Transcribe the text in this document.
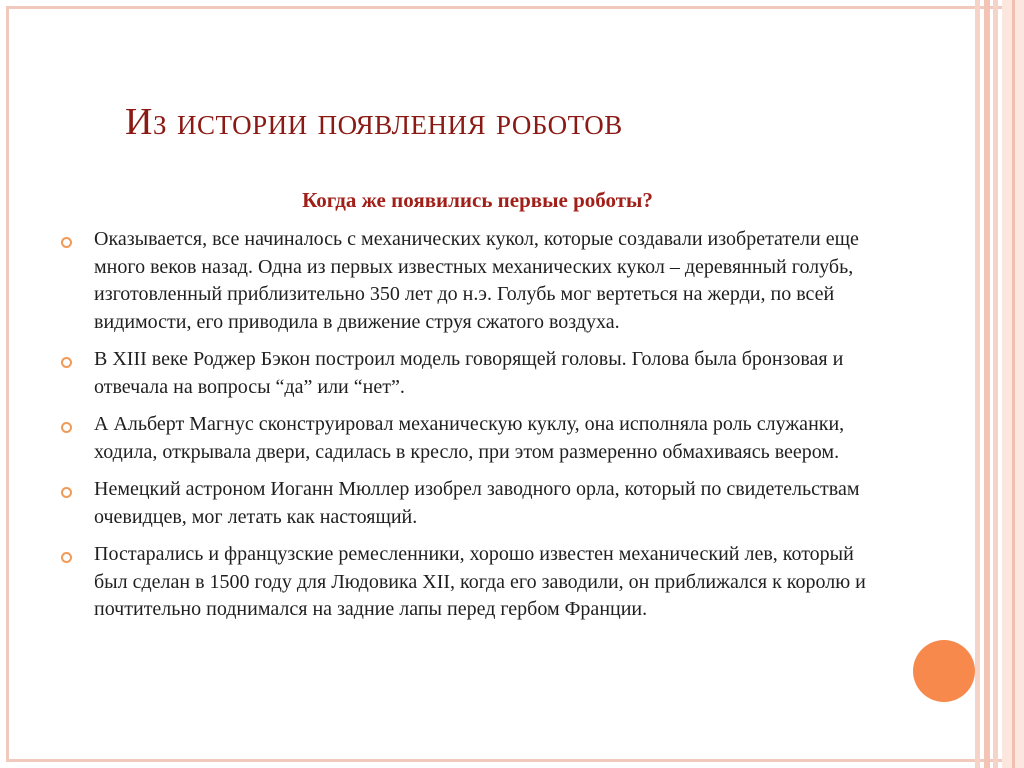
Из истории появления роботов
Когда же появились первые роботы?
Оказывается, все начиналось с механических кукол, которые создавали изобретатели еще много веков назад. Одна из первых известных механических кукол – деревянный голубь, изготовленный приблизительно 350 лет до н.э. Голубь мог вертеться на жерди, по всей видимости, его приводила в движение струя сжатого воздуха.
В XIII веке Роджер Бэкон построил модель говорящей головы. Голова была бронзовая и отвечала на вопросы “да” или “нет”.
А Альберт Магнус сконструировал механическую куклу, она исполняла роль служанки, ходила, открывала двери, садилась в кресло, при этом размеренно обмахиваясь веером.
Немецкий астроном Иоганн Мюллер изобрел заводного орла, который по свидетельствам очевидцев, мог летать как настоящий.
Постарались и французские ремесленники, хорошо известен механический лев, который был сделан в 1500 году для Людовика XII, когда его заводили, он приближался к королю и почтительно поднимался на задние лапы перед гербом Франции.
